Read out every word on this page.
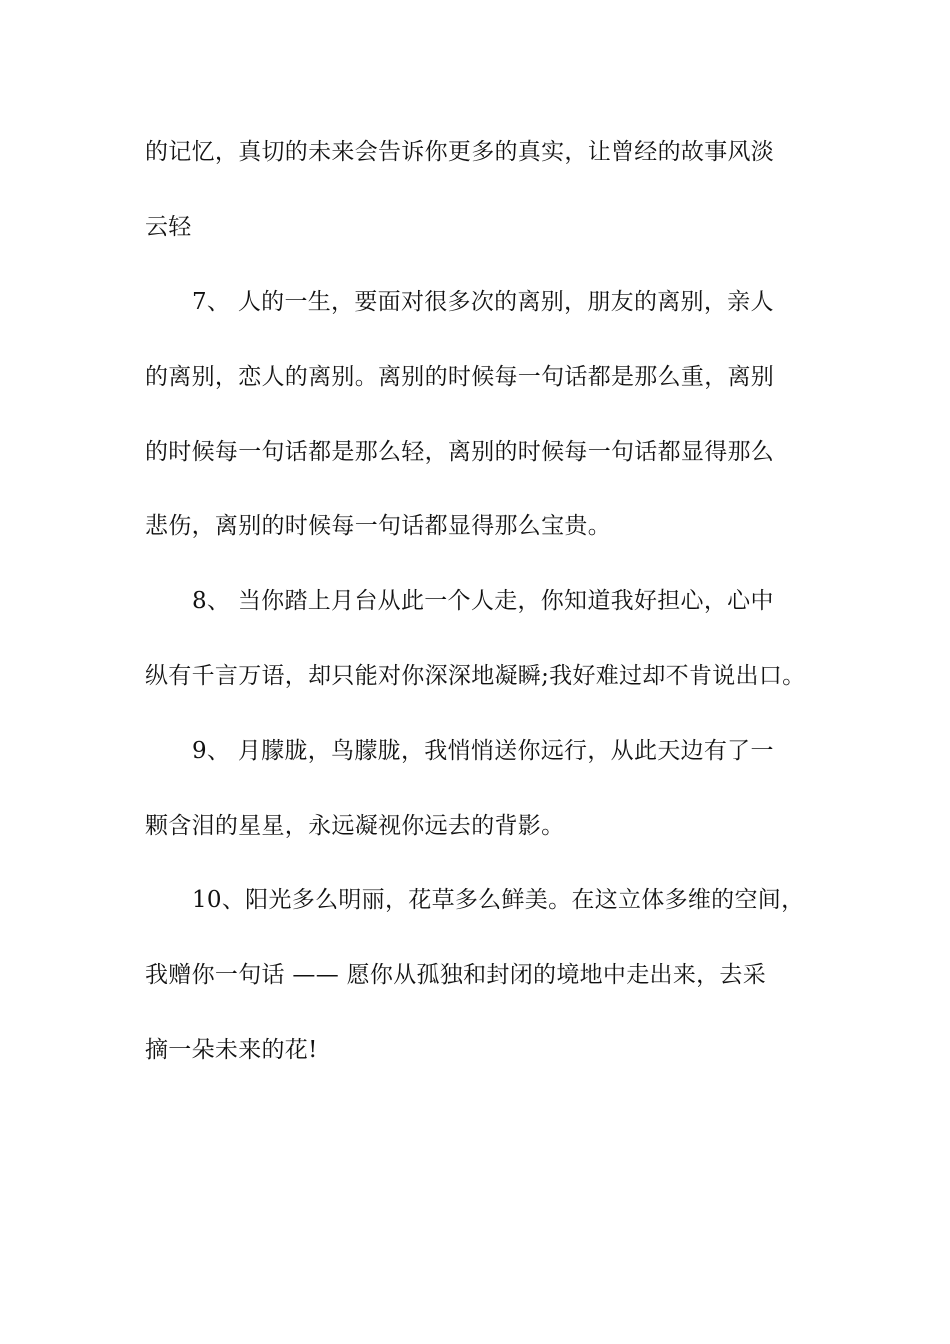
的记忆，真切的未来会告诉你更多的真实，让曾经的故事风淡
云轻
7、 人的一生，要面对很多次的离别，朋友的离别，亲人
的离别，恋人的离别。离别的时候每一句话都是那么重，离别
的时候每一句话都是那么轻，离别的时候每一句话都显得那么
悲伤，离别的时候每一句话都显得那么宝贵。
8、 当你踏上月台从此一个人走，你知道我好担心，心中
纵有千言万语，却只能对你深深地凝瞬;我好难过却不肯说出口。
9、 月朦胧，鸟朦胧，我悄悄送你远行，从此天边有了一
颗含泪的星星，永远凝视你远去的背影。
10、阳光多么明丽，花草多么鲜美。在这立体多维的空间，
我赠你一句话 —— 愿你从孤独和封闭的境地中走出来，去采
摘一朵未来的花!
